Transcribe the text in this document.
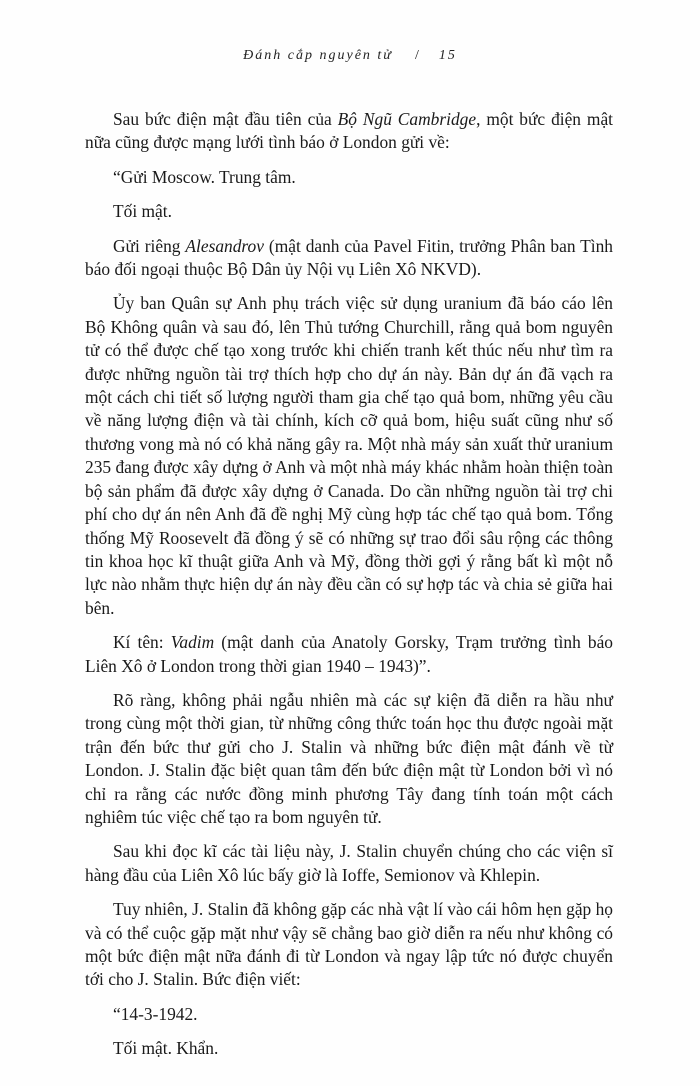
Đánh cắp nguyên tử / 15

Sau bức điện mật đầu tiên của Bộ Ngũ Cambridge, một bức điện mật nữa cũng được mạng lưới tình báo ở London gửi về:

“Gửi Moscow. Trung tâm.

Tối mật.

Gửi riêng Alesandrov (mật danh của Pavel Fitin, trưởng Phân ban Tình báo đối ngoại thuộc Bộ Dân ủy Nội vụ Liên Xô NKVD).

Ủy ban Quân sự Anh phụ trách việc sử dụng uranium đã báo cáo lên Bộ Không quân và sau đó, lên Thủ tướng Churchill, rằng quả bom nguyên tử có thể được chế tạo xong trước khi chiến tranh kết thúc nếu như tìm ra được những nguồn tài trợ thích hợp cho dự án này. Bản dự án đã vạch ra một cách chi tiết số lượng người tham gia chế tạo quả bom, những yêu cầu về năng lượng điện và tài chính, kích cỡ quả bom, hiệu suất cũng như số thương vong mà nó có khả năng gây ra. Một nhà máy sản xuất thử uranium 235 đang được xây dựng ở Anh và một nhà máy khác nhằm hoàn thiện toàn bộ sản phẩm đã được xây dựng ở Canada. Do cần những nguồn tài trợ chi phí cho dự án nên Anh đã đề nghị Mỹ cùng hợp tác chế tạo quả bom. Tổng thống Mỹ Roosevelt đã đồng ý sẽ có những sự trao đổi sâu rộng các thông tin khoa học kĩ thuật giữa Anh và Mỹ, đồng thời gợi ý rằng bất kì một nỗ lực nào nhằm thực hiện dự án này đều cần có sự hợp tác và chia sẻ giữa hai bên.

Kí tên: Vadim (mật danh của Anatoly Gorsky, Trạm trưởng tình báo Liên Xô ở London trong thời gian 1940 – 1943)”.

Rõ ràng, không phải ngẫu nhiên mà các sự kiện đã diễn ra hầu như trong cùng một thời gian, từ những công thức toán học thu được ngoài mặt trận đến bức thư gửi cho J. Stalin và những bức điện mật đánh về từ London. J. Stalin đặc biệt quan tâm đến bức điện mật từ London bởi vì nó chỉ ra rằng các nước đồng minh phương Tây đang tính toán một cách nghiêm túc việc chế tạo ra bom nguyên tử.

Sau khi đọc kĩ các tài liệu này, J. Stalin chuyển chúng cho các viện sĩ hàng đầu của Liên Xô lúc bấy giờ là Ioffe, Semionov và Khlepin.

Tuy nhiên, J. Stalin đã không gặp các nhà vật lí vào cái hôm hẹn gặp họ và có thể cuộc gặp mặt như vậy sẽ chẳng bao giờ diễn ra nếu như không có một bức điện mật nữa đánh đi từ London và ngay lập tức nó được chuyển tới cho J. Stalin. Bức điện viết:

“14-3-1942.

Tối mật. Khẩn.
